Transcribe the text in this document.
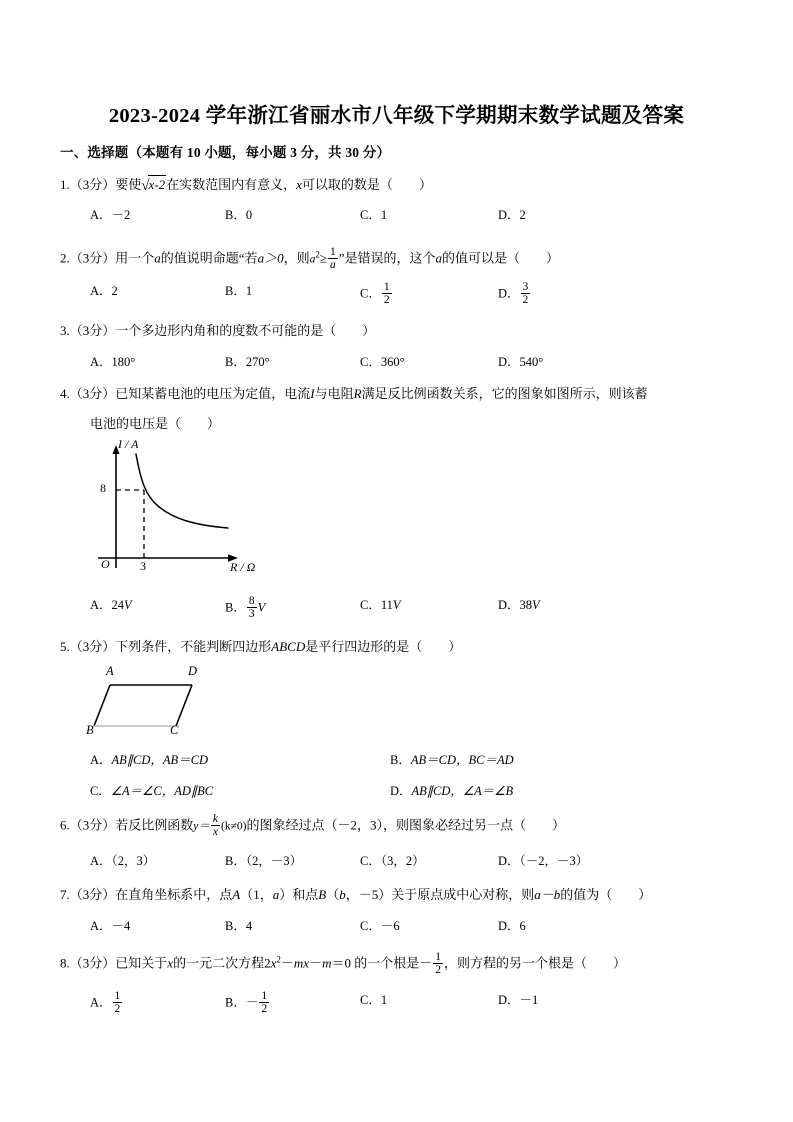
2023-2024 学年浙江省丽水市八年级下学期期末数学试题及答案
一、选择题（本题有 10 小题，每小题 3 分，共 30 分）
1.（3分）要使√x-2在实数范围内有意义，x可以取的数是（ ）
A．－2	B．0	C．1	D．2
2.（3分）用一个a的值说明命题“若a＞0，则$a^2\ge \frac{1}{a}$ ”是错误的，这个a的值可以是（ ）
A．2	B．1	C． $\frac{1}{2}$	D． $\frac{3}{2}$
3.（3分）一个多边形内角和的度数不可能的是（ ）
A．180°	B．270°	C．360°	D．540°
4.（3分）已知某蓄电池的电压为定值，电流I与电阻R满足反比例函数关系，它的图象如图所示，则该蓄
电池的电压是（ ）
I / A
R / Ω
O
8
3
A．24V	B． $\frac{8}{3}$ V	C．11V	D．38V
5.（3分）下列条件，不能判断四边形ABCD是平行四边形的是（ ）
A	D
B	C
A．AB∥CD，AB＝CD	B．AB＝CD，BC＝AD
C．∠A＝∠C，AD∥BC	D．AB∥CD，∠A＝∠B
6.（3分）若反比例函数$y= \frac{k}{x} (k\ne 0)$的图象经过点（－2，3），则图象必经过另一点（ ）
A．（2，3）	B．（2，－3）	C．（3，2）	D．（－2，－3）
7.（3分）在直角坐标系中，点A（1，a）和点B（b，－5）关于原点成中心对称，则a－b的值为（ ）
A．－4	B．4	C．－6	D．6
8.（3分）已知关于x的一元二次方程$2x^2-mx-m=0$ 的一个根是－ $\frac{1}{2}$ ，则方程的另一个根是（ ）
A． $\frac{1}{2}$	B．－ $\frac{1}{2}$	C．1	D．－1
